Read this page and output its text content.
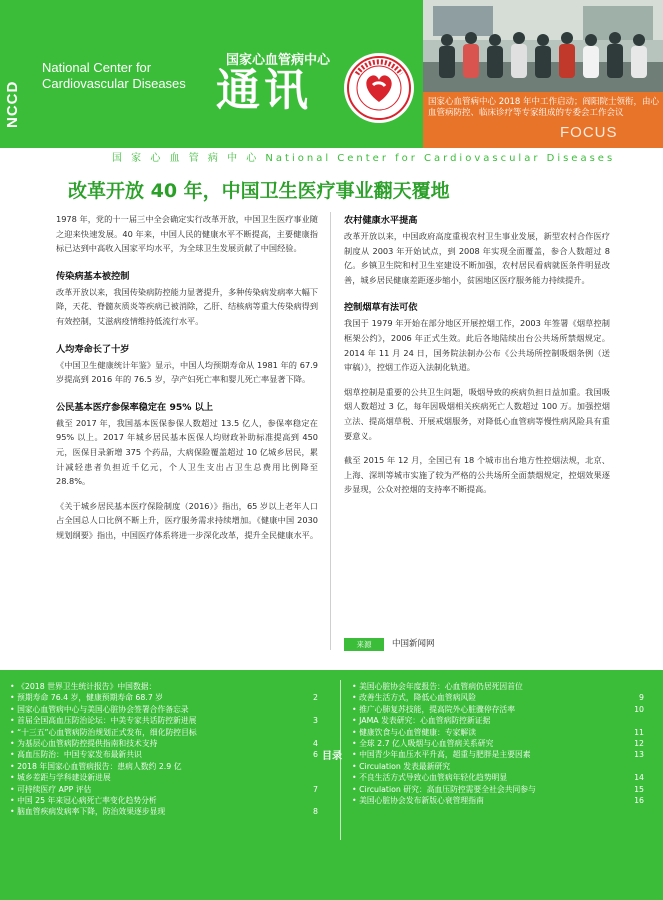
NCCD
National Center for Cardiovascular Diseases
国家心血管病中心
通讯	国家心血管病中心 2018 年中工作启动；阎阳院士领衔，由心血管病防控、临床诊疗等专家组成的专委会工作会议
FOCUS
国 家 心 血 管 病 中 心 National Center for Cardiovascular Diseases
改革开放 40 年，中国卫生医疗事业翻天覆地

1978 年，党的十一届三中全会确定实行改革开放，中国卫生医疗事业随之迎来快速发展。40 年来，中国人民的健康水平不断提高，主要健康指标已达到中高收入国家平均水平，为全球卫生发展贡献了中国经验。

传染病基本被控制

改革开放以来，我国传染病防控能力显著提升，多种传染病发病率大幅下降，天花、脊髓灰质炎等疾病已被消除，乙肝、结核病等重大传染病得到有效控制，艾滋病疫情维持低流行水平。

人均寿命长了十岁

《中国卫生健康统计年鉴》显示，中国人均预期寿命从 1981 年的 67.9 岁提高到 2016 年的 76.5 岁，孕产妇死亡率和婴儿死亡率显著下降。

公民基本医疗参保率稳定在 95% 以上

截至 2017 年，我国基本医保参保人数超过 13.5 亿人，参保率稳定在 95% 以上。2017 年城乡居民基本医保人均财政补助标准提高到 450 元，医保目录新增 375 个药品，大病保险覆盖超过 10 亿城乡居民，累计减轻患者负担近千亿元，个人卫生支出占卫生总费用比例降至 28.8%。

《关于城乡居民基本医疗保险制度（2016）》指出，65 岁以上老年人口占全国总人口比例不断上升，医疗服务需求持续增加。《健康中国 2030 规划纲要》指出，中国医疗体系将进一步深化改革，提升全民健康水平。

农村健康水平提高

改革开放以来，中国政府高度重视农村卫生事业发展，新型农村合作医疗制度从 2003 年开始试点，到 2008 年实现全面覆盖，参合人数超过 8 亿。乡镇卫生院和村卫生室建设不断加强，农村居民看病就医条件明显改善，城乡居民健康差距逐步缩小，贫困地区医疗服务能力持续提升。

控制烟草有法可依

我国于 1979 年开始在部分地区开展控烟工作，2003 年签署《烟草控制框架公约》，2006 年正式生效。此后各地陆续出台公共场所禁烟规定。2014 年 11 月 24 日，国务院法制办公布《公共场所控制吸烟条例（送审稿）》，控烟工作迈入法制化轨道。

烟草控制是重要的公共卫生问题，吸烟导致的疾病负担日益加重。我国吸烟人数超过 3 亿，每年因吸烟相关疾病死亡人数超过 100 万。加强控烟立法、提高烟草税、开展戒烟服务，对降低心血管病等慢性病风险具有重要意义。

截至 2015 年 12 月，全国已有 18 个城市出台地方性控烟法规，北京、上海、深圳等城市实施了较为严格的公共场所全面禁烟规定，控烟效果逐步显现，公众对控烟的支持率不断提高。

来源	中国新闻网
目录
• 《2018 世界卫生统计报告》中国数据：
• 预期寿命 76.4 岁，健康预期寿命 68.7 岁	2
• 国家心血管病中心与美国心脏协会签署合作备忘录
• 首届全国高血压防治论坛：中美专家共话防控新进展	3
• “十三五”心血管病防治规划正式发布，细化防控目标
• 为基层心血管病防控提供指南和技术支持	4
• 高血压防治：中国专家发布最新共识	6
• 2018 年国家心血管病报告：患病人数约 2.9 亿
• 城乡差距与学科建设新进展
• 可持续医疗 APP 评估	7
• 中国 25 年来冠心病死亡率变化趋势分析
• 脑血管疾病发病率下降，防治效果逐步显现	8
• 美国心脏协会年度报告：心血管病仍居死因首位
• 改善生活方式，降低心血管病风险	9
• 推广心肺复苏技能，提高院外心脏骤停存活率	10
• JAMA 发表研究：心血管病防控新证据
• 健康饮食与心血管健康：专家解读	11
• 全球 2.7 亿人吸烟与心血管病关系研究	12
• 中国青少年血压水平升高，超重与肥胖是主要因素	13
• Circulation 发表最新研究
• 不良生活方式导致心血管病年轻化趋势明显	14
• Circulation 研究：高血压防控需要全社会共同参与	15
• 美国心脏协会发布新版心衰管理指南	16
